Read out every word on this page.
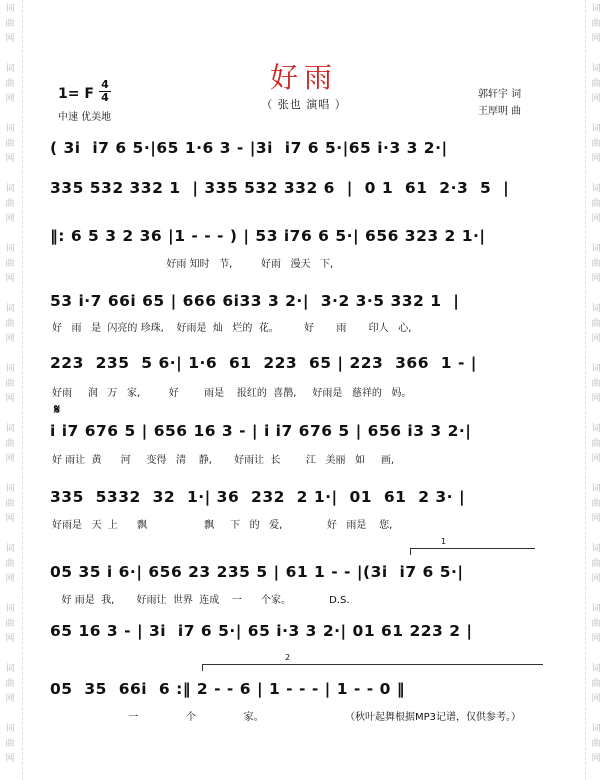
词曲网
词曲网
词曲网
词曲网
词曲网
词曲网
词曲网
词曲网
词曲网
词曲网
词曲网
词曲网
词曲网
词曲网
词曲网
词曲网
词曲网
词曲网
词曲网
词曲网
词曲网
词曲网
词曲网
词曲网
词曲网
词曲网
好雨
（ 张也 演唱 ）
1= F
4
4
中速 优美地
郭轩宇 词
王厚明 曲
( 3i  i7 6 5·|65 1·6 3 - |3i  i7 6 5·|65 i·3 3 2·|
335 532 332 1  | 335 532 332 6  |  0 1  61  2·3  5  |
‖: 6 5 3 2 36 |1 - - - ) | 53 i76 6 5·| 656 323 2 1·|
好雨 知时   节,         好雨   漫天   下,
53 i·7 66i 65 | 666 6i33 3 2·|  3·2 3·5 332 1  |
好   雨   是  闪亮的 珍珠,    好雨是  灿   烂的  花。        好       雨       印人   心,
223  235  5 6·| 1·6  61  223  65 | 223  366  1 - |
好雨     润   万   家,         好        雨是    报红的  喜鹊,     好雨是   慈祥的   妈。
𝄋
i i7 676 5 | 656 16 3 - | i i7 676 5 | 656 i3 3 2·|
好 雨让  黄      河     变得   清    静,       好雨让  长        江   美丽   如     画,
335  5332  32  1·| 36  232  2 1·|  01  61  2 3· |
好雨是   天  上      飘                  飘     下   的   爱,              好   雨是    您,
1
05 35 i 6·| 656 23 235 5 | 61 1 - - |(3i  i7 6 5·|
好 雨是  我,       好雨让  世界  连成    一      个家。            D.S.
65 16 3 - | 3i  i7 6 5·| 65 i·3 3 2·| 01 61 223 2 |
2
05  35  66i  6 :‖ 2 - - 6 | 1 - - - | 1 - - 0 ‖
一               个               家。	（秋叶起舞根据MP3记谱，仅供参考。）
